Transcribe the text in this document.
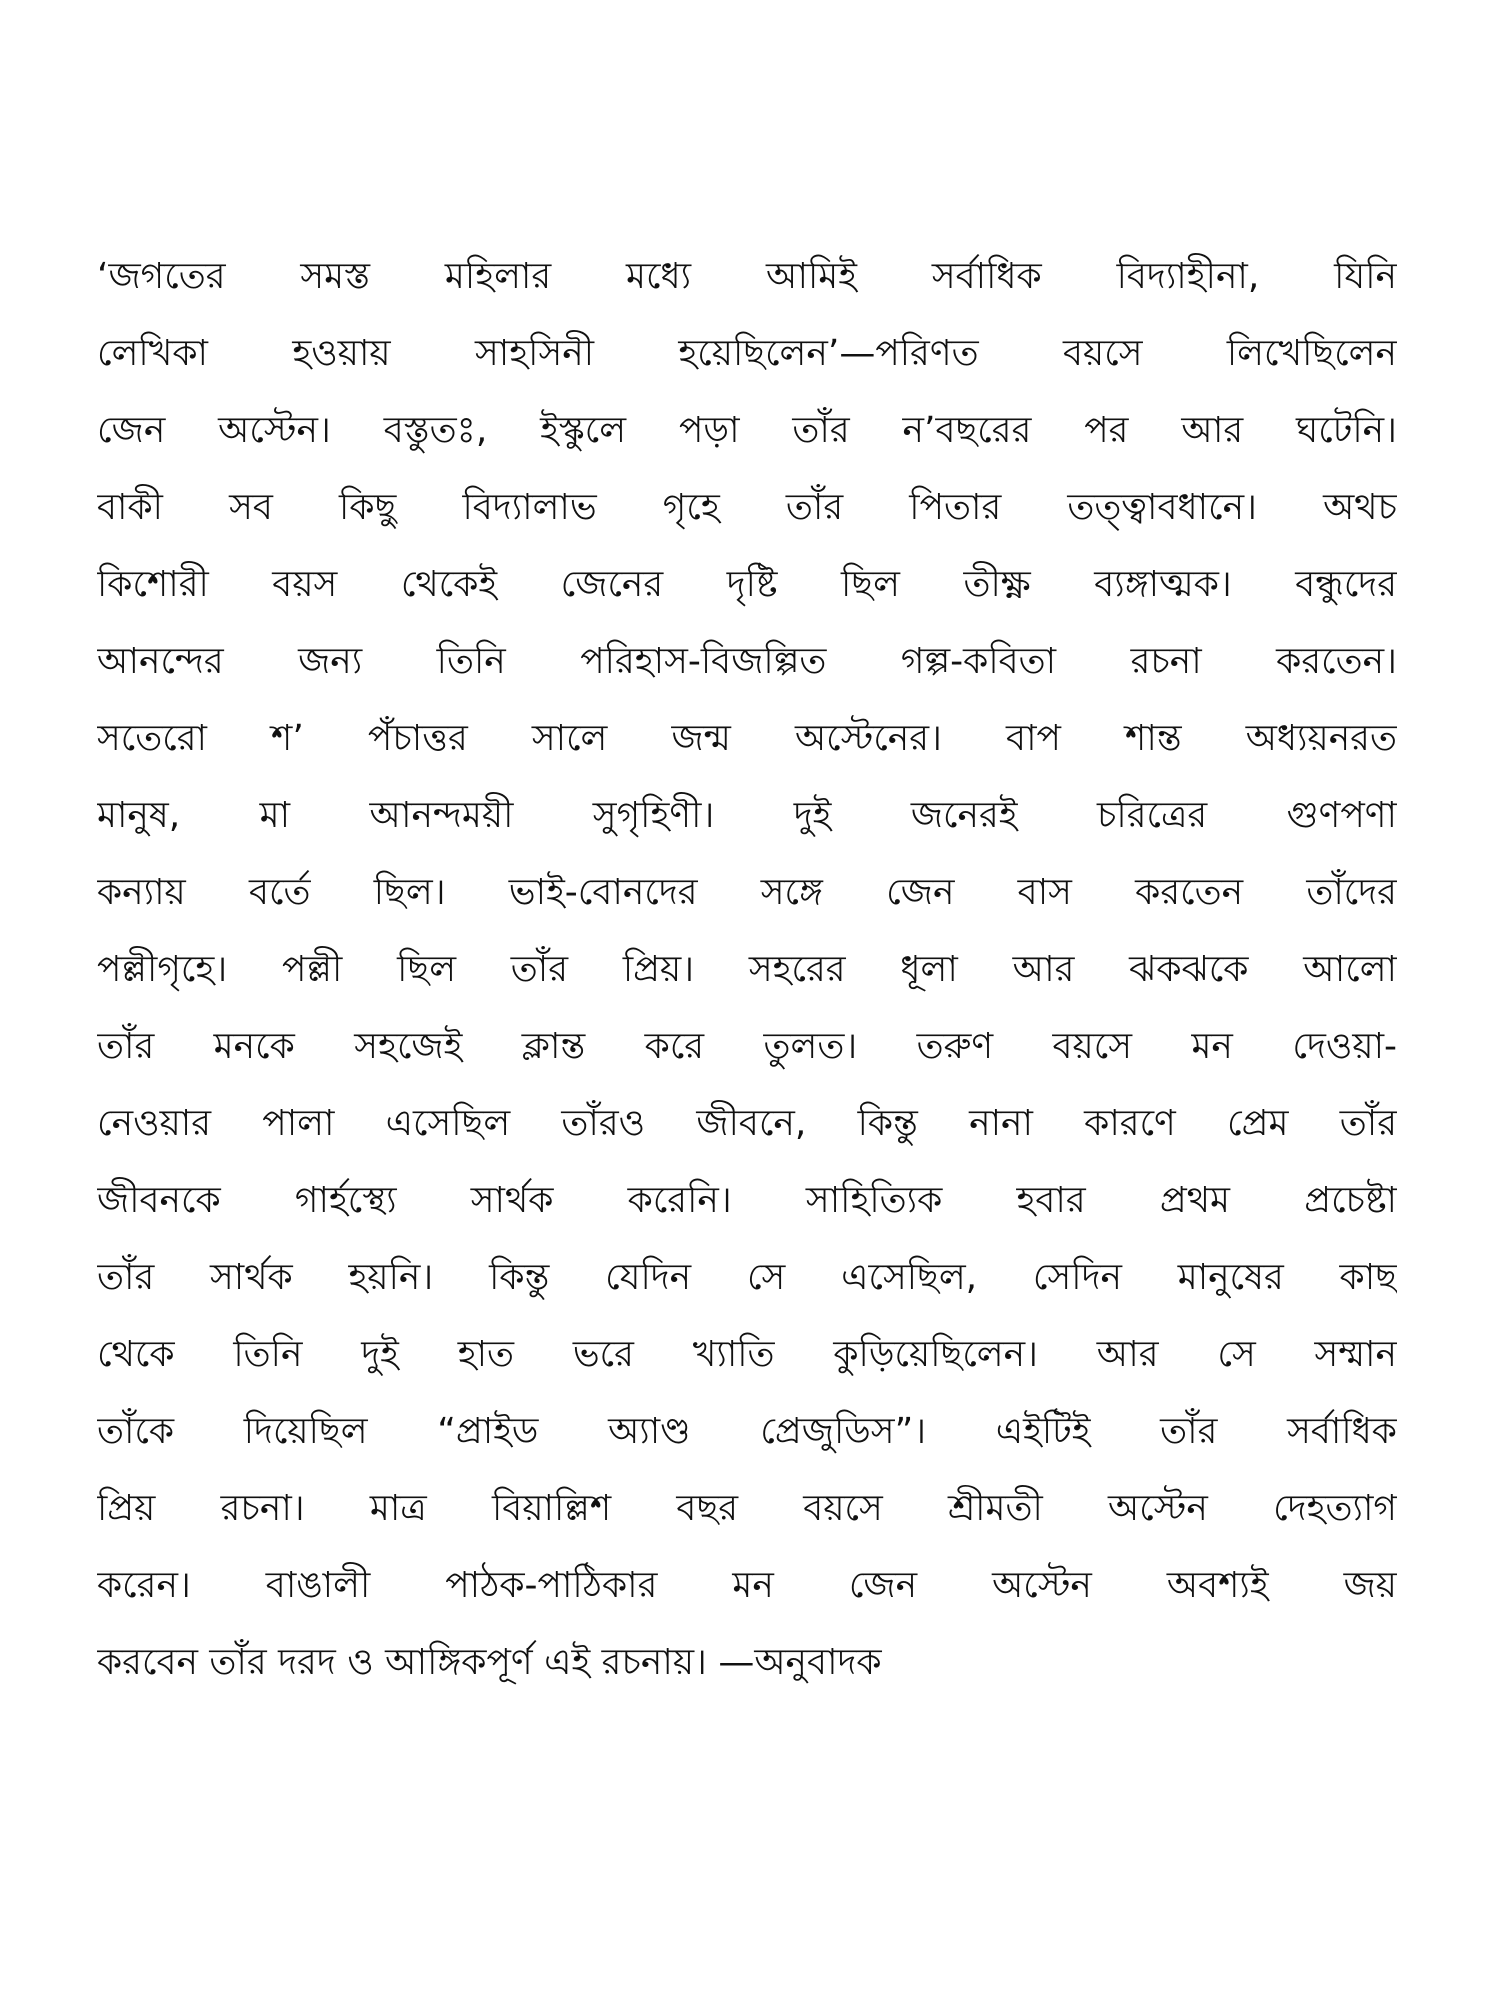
‘জগতের সমস্ত মহিলার মধ্যে আমিই সর্বাধিক বিদ্যাহীনা, যিনি
লেখিকা হওয়ায় সাহসিনী হয়েছিলেন’—পরিণত বয়সে লিখেছিলেন
জেন অস্টেন। বস্তুতঃ, ইস্কুলে পড়া তাঁর ন’বছরের পর আর ঘটেনি।
বাকী সব কিছু বিদ্যালাভ গৃহে তাঁর পিতার তত্ত্বাবধানে। অথচ
কিশোরী বয়স থেকেই জেনের দৃষ্টি ছিল তীক্ষ্ণ ব্যঙ্গাত্মক। বন্ধুদের
আনন্দের জন্য তিনি পরিহাস-বিজল্পিত গল্প-কবিতা রচনা করতেন।
সতেরো শ’ পঁচাত্তর সালে জন্ম অস্টেনের। বাপ শান্ত অধ্যয়নরত
মানুষ, মা আনন্দময়ী সুগৃহিণী। দুই জনেরই চরিত্রের গুণপণা
কন্যায় বর্তে ছিল। ভাই-বোনদের সঙ্গে জেন বাস করতেন তাঁদের
পল্লীগৃহে। পল্লী ছিল তাঁর প্রিয়। সহরের ধূলা আর ঝকঝকে আলো
তাঁর মনকে সহজেই ক্লান্ত করে তুলত। তরুণ বয়সে মন দেওয়া-
নেওয়ার পালা এসেছিল তাঁরও জীবনে, কিন্তু নানা কারণে প্রেম তাঁর
জীবনকে গার্হস্থ্যে সার্থক করেনি। সাহিত্যিক হবার প্রথম প্রচেষ্টা
তাঁর সার্থক হয়নি। কিন্তু যেদিন সে এসেছিল, সেদিন মানুষের কাছ
থেকে তিনি দুই হাত ভরে খ্যাতি কুড়িয়েছিলেন। আর সে সম্মান
তাঁকে দিয়েছিল “প্রাইড অ্যাণ্ড প্রেজুডিস”। এইটিই তাঁর সর্বাধিক
প্রিয় রচনা। মাত্র বিয়াল্লিশ বছর বয়সে শ্রীমতী অস্টেন দেহত্যাগ
করেন। বাঙালী পাঠক-পাঠিকার মন জেন অস্টেন অবশ্যই জয়
করবেন তাঁর দরদ ও আঙ্গিকপূর্ণ এই রচনায়। —অনুবাদক
